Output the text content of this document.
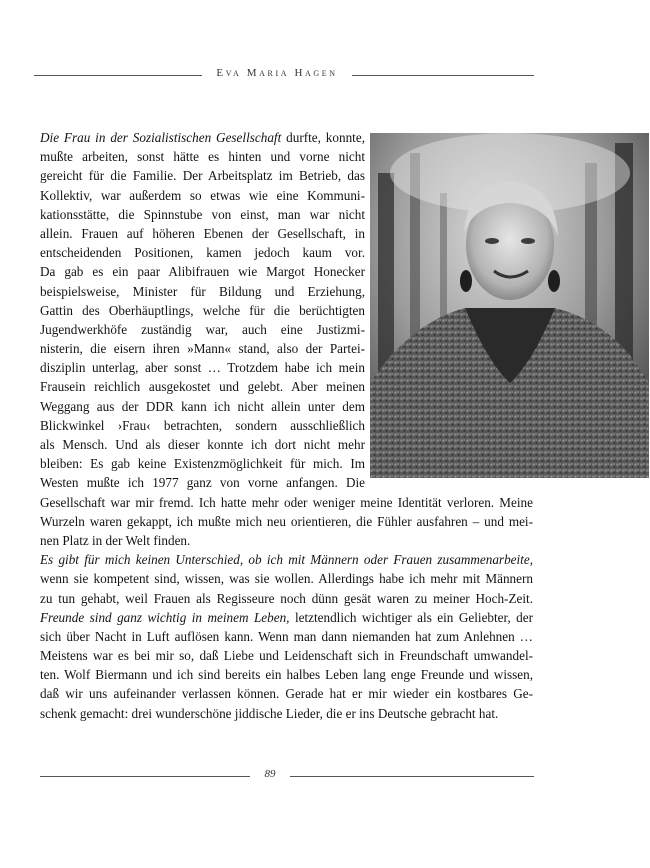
Eva Maria Hagen
Die Frau in der Sozialistischen Gesellschaft durfte, konnte,
mußte arbeiten, sonst hätte es hinten und vorne nicht
gereicht für die Familie. Der Arbeitsplatz im Betrieb, das
Kollektiv, war außerdem so etwas wie eine Kommuni-
kationsstätte, die Spinnstube von einst, man war nicht
allein. Frauen auf höheren Ebenen der Gesellschaft, in
entscheidenden Positionen, kamen jedoch kaum vor.
Da gab es ein paar Alibifrauen wie Margot Honecker
beispielsweise, Minister für Bildung und Erziehung,
Gattin des Oberhäuptlings, welche für die berüchtigten
Jugendwerkhöfe zuständig war, auch eine Justizmi-
nisterin, die eisern ihren »Mann« stand, also der Partei-
disziplin unterlag, aber sonst … Trotzdem habe ich mein
Frausein reichlich ausgekostet und gelebt. Aber meinen
Weggang aus der DDR kann ich nicht allein unter dem
Blickwinkel ›Frau‹ betrachten, sondern ausschließlich
als Mensch. Und als dieser konnte ich dort nicht mehr
bleiben: Es gab keine Existenzmöglichkeit für mich. Im
Westen mußte ich 1977 ganz von vorne anfangen. Die
Gesellschaft war mir fremd. Ich hatte mehr oder weniger meine Identität verloren. Meine
Wurzeln waren gekappt, ich mußte mich neu orientieren, die Fühler ausfahren – und mei-
nen Platz in der Welt finden.
Es gibt für mich keinen Unterschied, ob ich mit Männern oder Frauen zusammenarbeite,
wenn sie kompetent sind, wissen, was sie wollen. Allerdings habe ich mehr mit Männern
zu tun gehabt, weil Frauen als Regisseure noch dünn gesät waren zu meiner Hoch-Zeit.
Freunde sind ganz wichtig in meinem Leben, letztendlich wichtiger als ein Geliebter, der
sich über Nacht in Luft auflösen kann. Wenn man dann niemanden hat zum Anlehnen …
Meistens war es bei mir so, daß Liebe und Leidenschaft sich in Freundschaft umwandel-
ten. Wolf Biermann und ich sind bereits ein halbes Leben lang enge Freunde und wissen,
daß wir uns aufeinander verlassen können. Gerade hat er mir wieder ein kostbares Ge-
schenk gemacht: drei wunderschöne jiddische Lieder, die er ins Deutsche gebracht hat.
89
